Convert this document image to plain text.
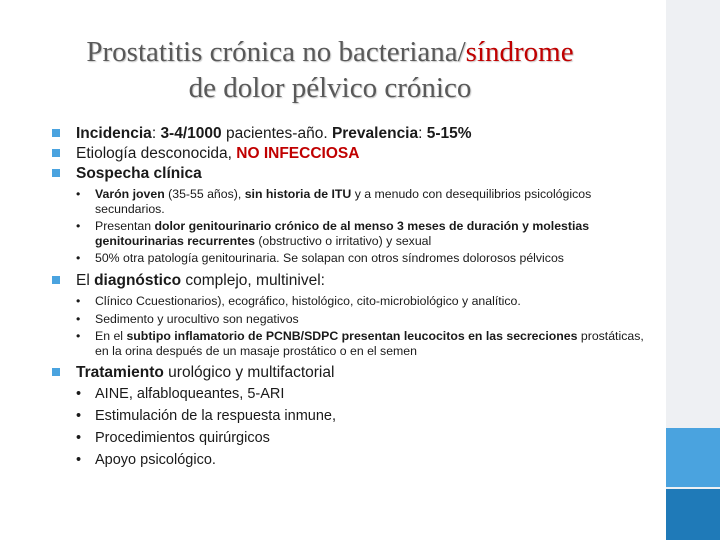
Prostatitis crónica no bacteriana/síndrome
de dolor pélvico crónico
Incidencia: 3-4/1000 pacientes-año. Prevalencia: 5-15%
Etiología desconocida, NO INFECCIOSA
Sospecha clínica
• Varón joven (35-55 años), sin historia de ITU y a menudo con desequilibrios psicológicos secundarios.
• Presentan dolor genitourinario crónico de al menso 3 meses de duración y molestias genitourinarias recurrentes (obstructivo o irritativo) y sexual
• 50% otra patología genitourinaria. Se solapan con otros síndromes dolorosos pélvicos
El diagnóstico complejo, multinivel:
• Clínico Ccuestionarios), ecográfico, histológico, cito-microbiológico y analítico.
• Sedimento y urocultivo son negativos
• En el subtipo inflamatorio de PCNB/SDPC presentan leucocitos en las secreciones prostáticas, en la orina después de un masaje prostático o en el semen
Tratamiento urológico y multifactorial
• AINE, alfabloqueantes, 5-ARI
• Estimulación de la respuesta inmune,
• Procedimientos quirúrgicos
• Apoyo psicológico.
